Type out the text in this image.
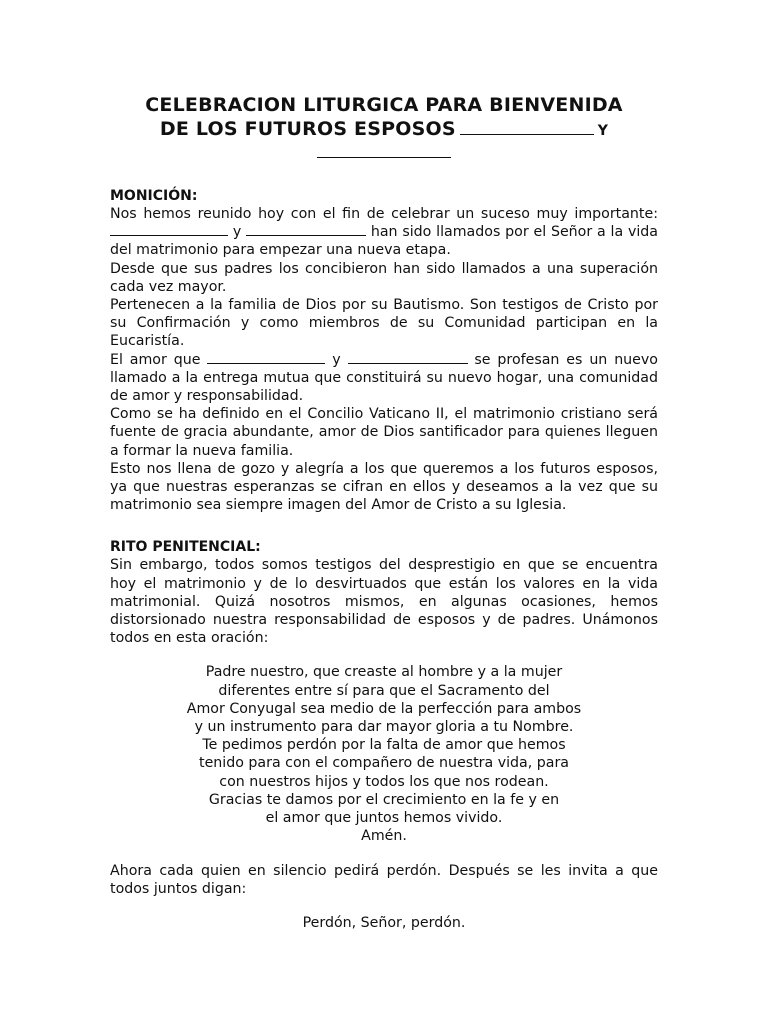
CELEBRACION LITURGICA PARA BIENVENIDA

DE LOS FUTUROS ESPOSOS	Y

MONICIÓN:

Nos hemos reunido hoy con el fin de celebrar un suceso muy importante:  y	han sido llamados por el Señor a la vida del matrimonio para empezar una nueva etapa.

Desde que sus padres los concibieron han sido llamados a una superación cada vez mayor.

Pertenecen a la familia de Dios por su Bautismo. Son testigos de Cristo por su Confirmación y como miembros de su Comunidad participan en la Eucaristía.

El amor que	y	se profesan es un nuevo llamado a la entrega mutua que constituirá su nuevo hogar, una comunidad de amor y responsabilidad.

Como se ha definido en el Concilio Vaticano II, el matrimonio cristiano será fuente de gracia abundante, amor de Dios santificador para quienes lleguen a formar la nueva familia.

Esto nos llena de gozo y alegría a los que queremos a los futuros esposos, ya que nuestras esperanzas se cifran en ellos y deseamos a la vez que su matrimonio sea siempre imagen del Amor de Cristo a su Iglesia.

RITO PENITENCIAL:

Sin embargo, todos somos testigos del desprestigio en que se encuentra hoy el matrimonio y de lo desvirtuados que están los valores en la vida matrimonial. Quizá nosotros mismos, en algunas ocasiones, hemos distorsionado nuestra responsabilidad de esposos y de padres. Unámonos todos en esta oración:

Padre nuestro, que creaste al hombre y a la mujer

diferentes entre sí para que el Sacramento del

Amor Conyugal sea medio de la perfección para ambos

y un instrumento para dar mayor gloria a tu Nombre.

Te pedimos perdón por la falta de amor que hemos

tenido para con el compañero de nuestra vida, para

con nuestros hijos y todos los que nos rodean.

Gracias te damos por el crecimiento en la fe y en

el amor que juntos hemos vivido.

Amén.

Ahora cada quien en silencio pedirá perdón. Después se les invita a que todos juntos digan:

Perdón, Señor, perdón.
